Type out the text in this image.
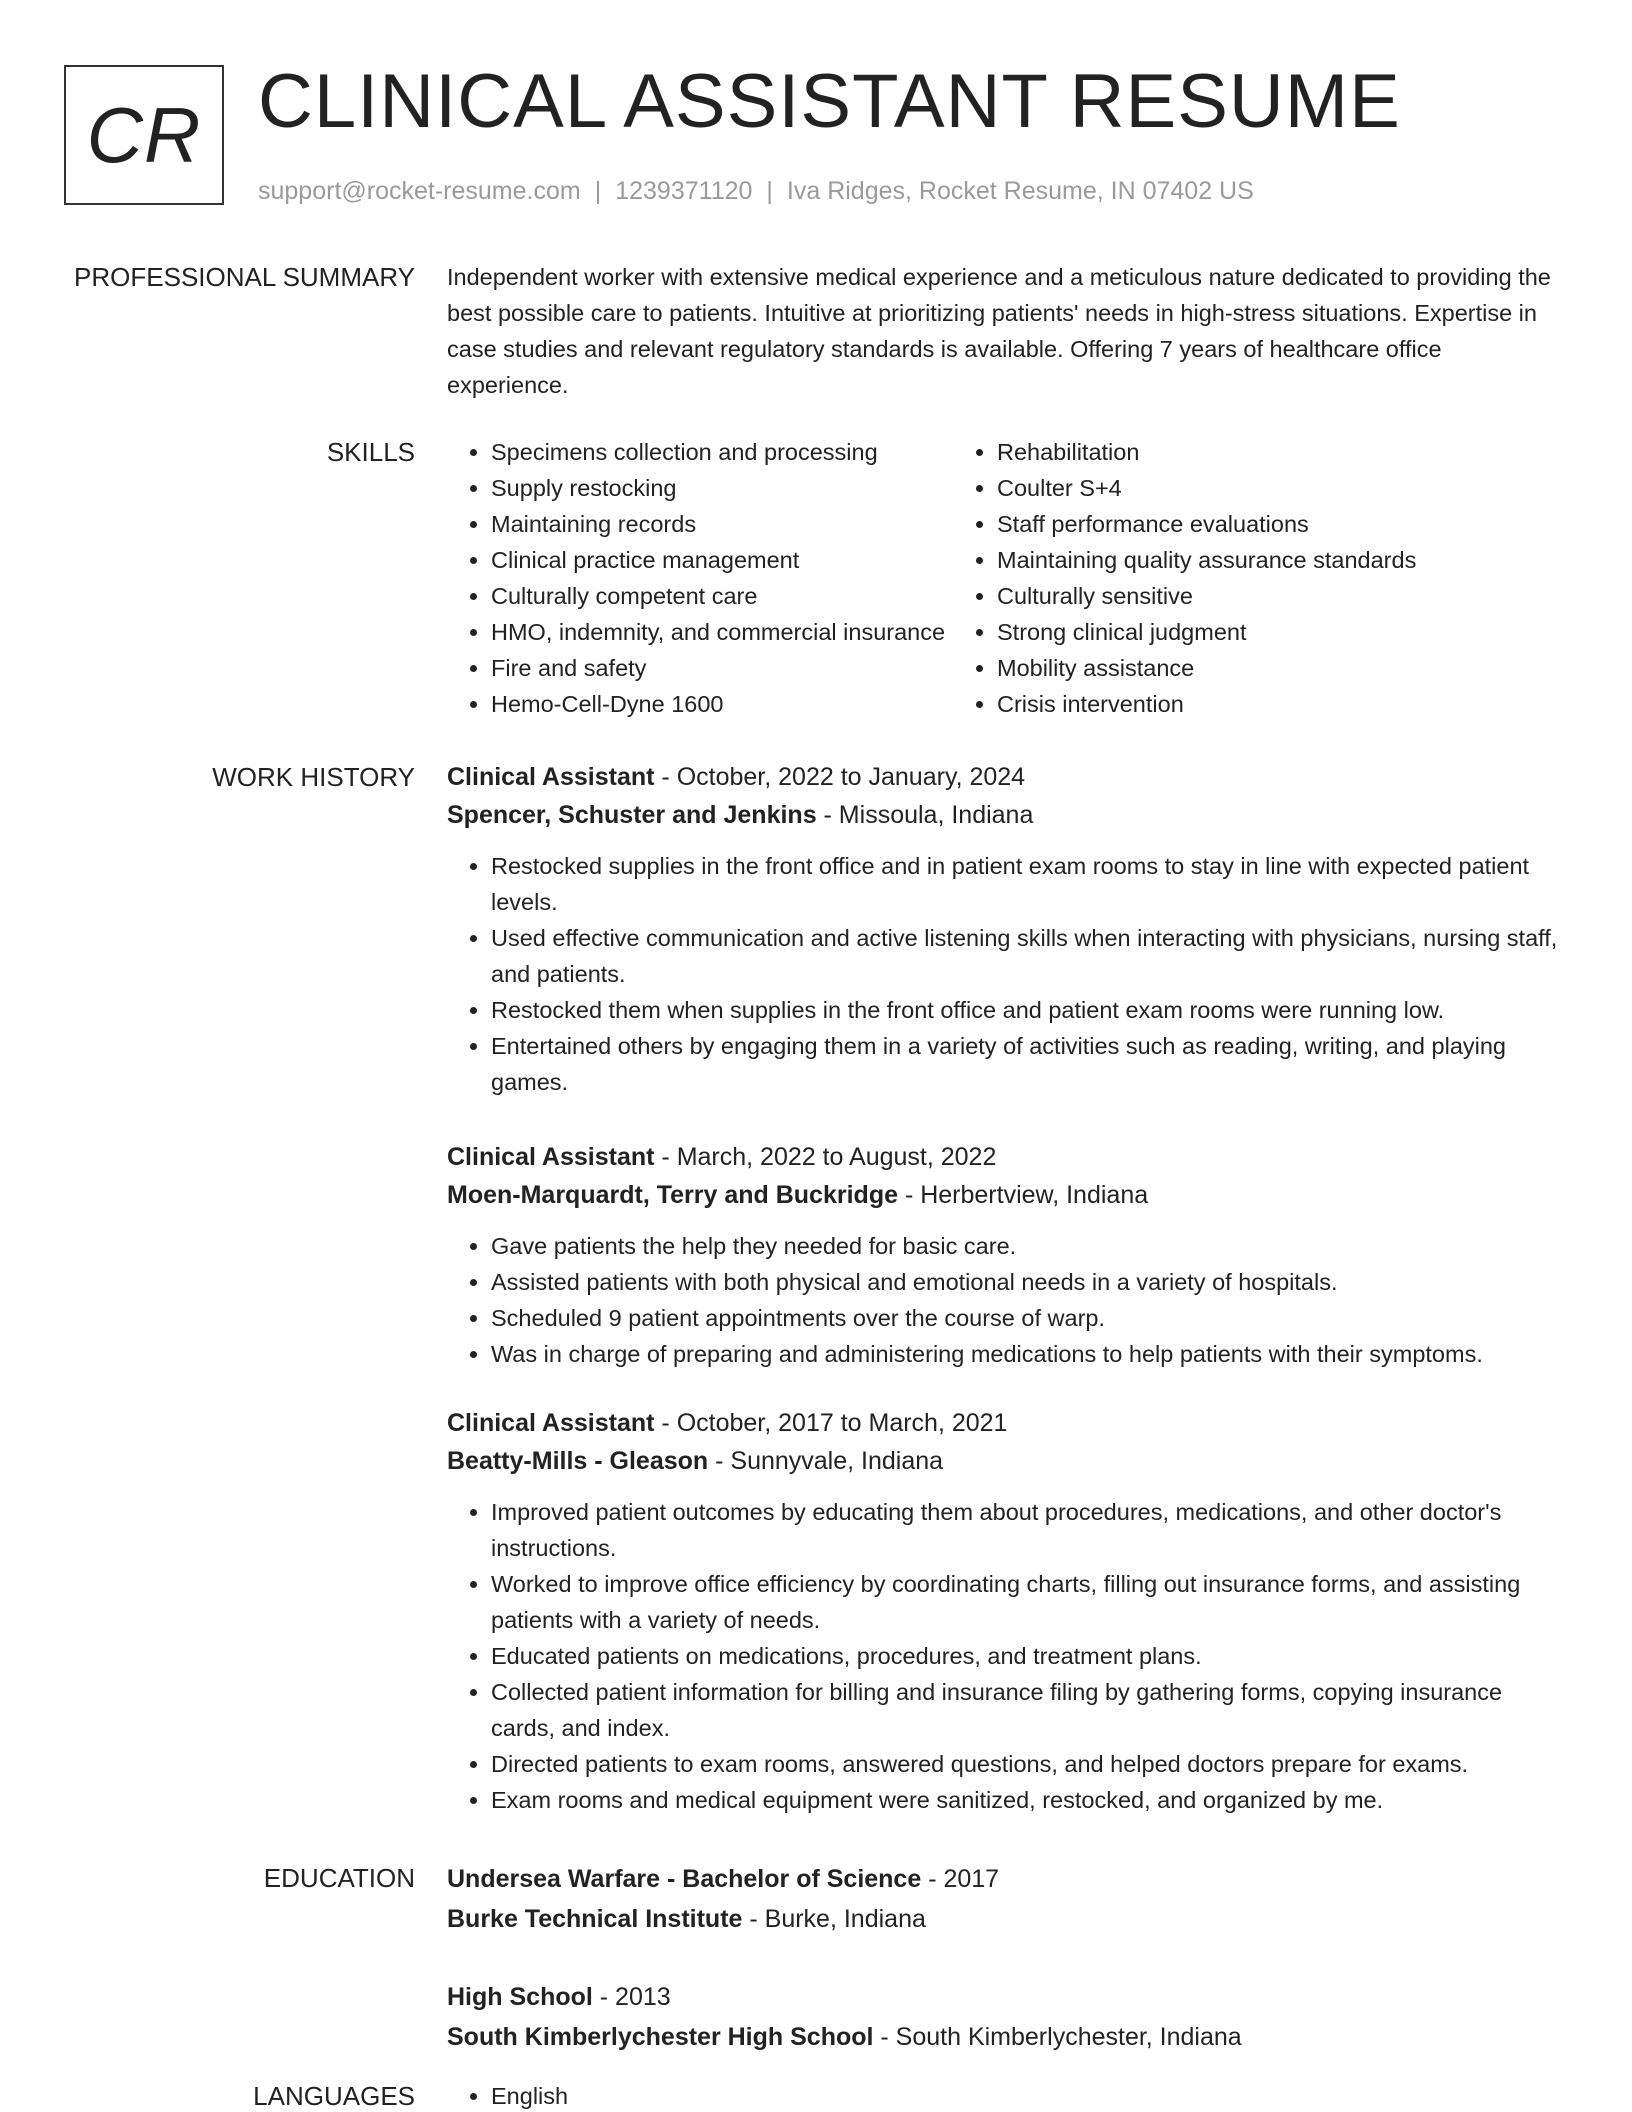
CR CLINICAL ASSISTANT RESUME
support@rocket-resume.com | 1239371120 | Iva Ridges, Rocket Resume, IN 07402 US
PROFESSIONAL SUMMARY Independent worker with extensive medical experience and a meticulous nature dedicated to providing the best possible care to patients. Intuitive at prioritizing patients' needs in high-stress situations. Expertise in case studies and relevant regulatory standards is available. Offering 7 years of healthcare office experience.

SKILLS	• Specimens collection and processing
• Supply restocking
• Maintaining records
• Clinical practice management
• Culturally competent care
• HMO, indemnity, and commercial insurance
• Fire and safety
• Hemo-Cell-Dyne 1600
• Rehabilitation
• Coulter S+4
• Staff performance evaluations
• Maintaining quality assurance standards
• Culturally sensitive
• Strong clinical judgment
• Mobility assistance
• Crisis intervention
WORK HISTORY Clinical Assistant - October, 2022 to January, 2024
Spencer, Schuster and Jenkins - Missoula, Indiana
• Restocked supplies in the front office and in patient exam rooms to stay in line with expected patient levels.
• Used effective communication and active listening skills when interacting with physicians, nursing staff, and patients.
• Restocked them when supplies in the front office and patient exam rooms were running low.
• Entertained others by engaging them in a variety of activities such as reading, writing, and playing games.
Clinical Assistant - March, 2022 to August, 2022
Moen-Marquardt, Terry and Buckridge - Herbertview, Indiana
• Gave patients the help they needed for basic care.
• Assisted patients with both physical and emotional needs in a variety of hospitals.
• Scheduled 9 patient appointments over the course of warp.
• Was in charge of preparing and administering medications to help patients with their symptoms.
Clinical Assistant - October, 2017 to March, 2021
Beatty-Mills - Gleason - Sunnyvale, Indiana
• Improved patient outcomes by educating them about procedures, medications, and other doctor's instructions.
• Worked to improve office efficiency by coordinating charts, filling out insurance forms, and assisting patients with a variety of needs.
• Educated patients on medications, procedures, and treatment plans.
• Collected patient information for billing and insurance filing by gathering forms, copying insurance cards, and index.
• Directed patients to exam rooms, answered questions, and helped doctors prepare for exams.
• Exam rooms and medical equipment were sanitized, restocked, and organized by me.
EDUCATION Undersea Warfare - Bachelor of Science - 2017
Burke Technical Institute - Burke, Indiana
High School - 2013
South Kimberlychester High School - South Kimberlychester, Indiana
LANGUAGES	• English
